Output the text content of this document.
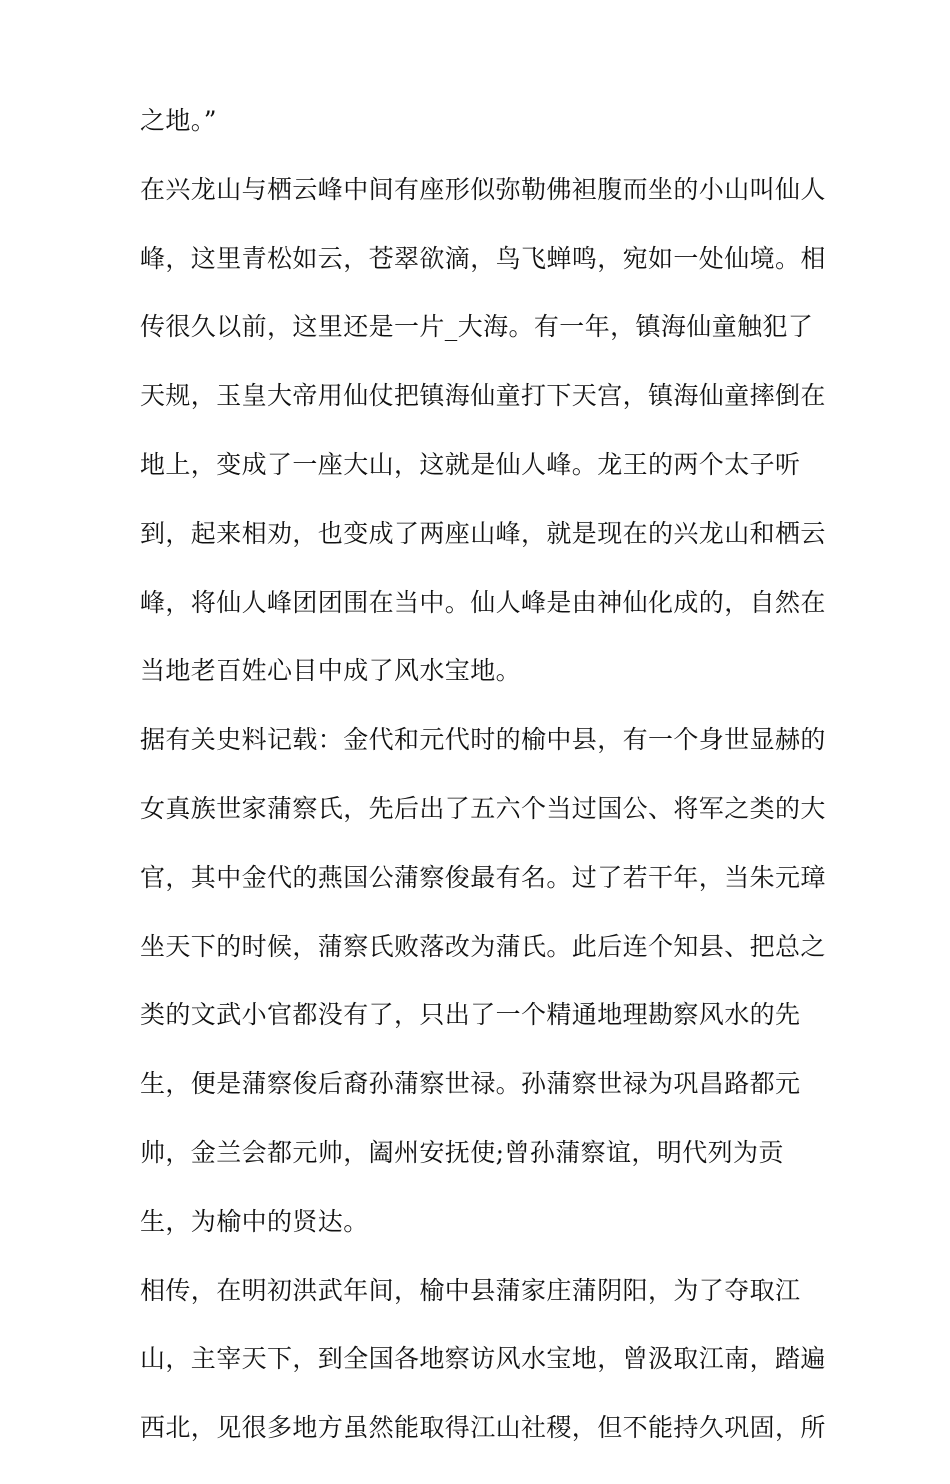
之地。”
在兴龙山与栖云峰中间有座形似弥勒佛袒腹而坐的小山叫仙人
峰，这里青松如云，苍翠欲滴，鸟飞蝉鸣，宛如一处仙境。相
传很久以前，这里还是一片_大海。有一年，镇海仙童触犯了
天规，玉皇大帝用仙仗把镇海仙童打下天宫，镇海仙童摔倒在
地上，变成了一座大山，这就是仙人峰。龙王的两个太子听
到，起来相劝，也变成了两座山峰，就是现在的兴龙山和栖云
峰，将仙人峰团团围在当中。仙人峰是由神仙化成的，自然在
当地老百姓心目中成了风水宝地。
据有关史料记载：金代和元代时的榆中县，有一个身世显赫的
女真族世家蒲察氏，先后出了五六个当过国公、将军之类的大
官，其中金代的燕国公蒲察俊最有名。过了若干年，当朱元璋
坐天下的时候，蒲察氏败落改为蒲氏。此后连个知县、把总之
类的文武小官都没有了，只出了一个精通地理勘察风水的先
生，便是蒲察俊后裔孙蒲察世禄。孙蒲察世禄为巩昌路都元
帅，金兰会都元帅，阖州安抚使;曾孙蒲察谊，明代列为贡
生，为榆中的贤达。
相传，在明初洪武年间，榆中县蒲家庄蒲阴阳，为了夺取江
山，主宰天下，到全国各地察访风水宝地，曾汲取江南，踏遍
西北，见很多地方虽然能取得江山社稷，但不能持久巩固，所
